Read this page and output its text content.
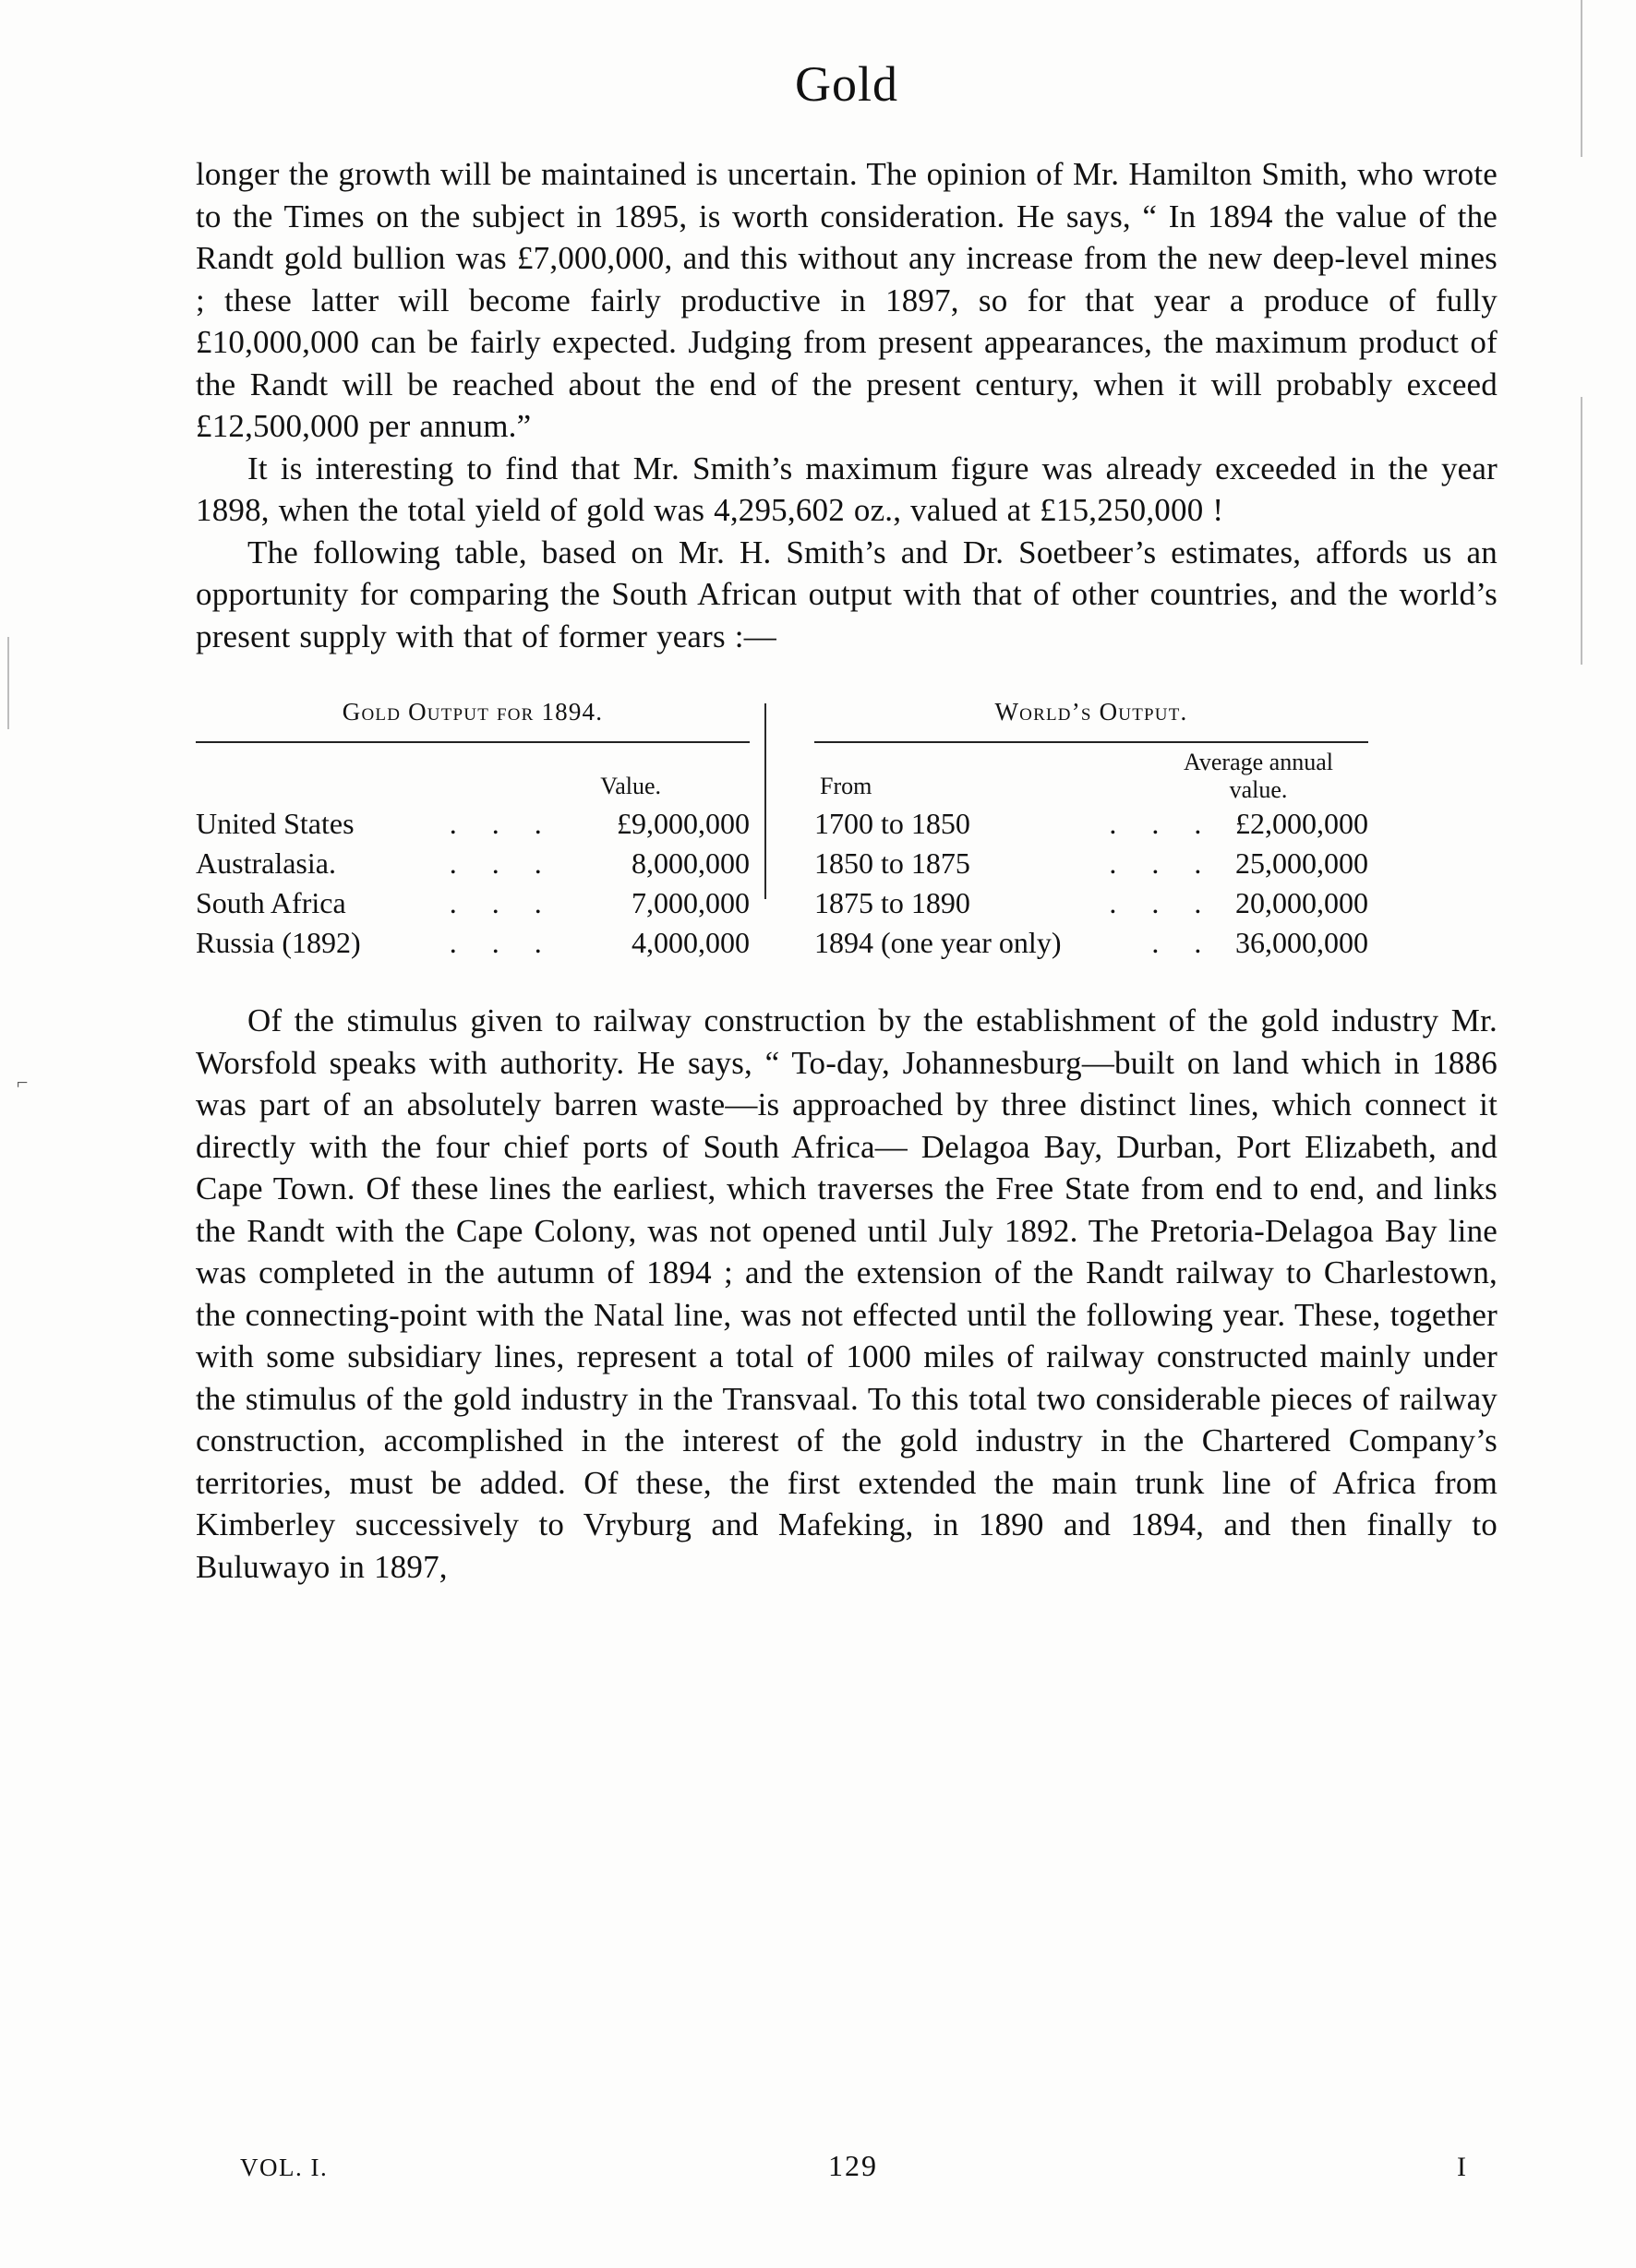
Gold

longer the growth will be maintained is uncertain. The opinion of Mr. Hamilton Smith, who wrote to the Times on the subject in 1895, is worth consideration. He says, “ In 1894 the value of the Randt gold bullion was £7,000,000, and this without any increase from the new deep-level mines ; these latter will become fairly productive in 1897, so for that year a produce of fully £10,000,000 can be fairly expected. Judging from present appearances, the maximum product of the Randt will be reached about the end of the present century, when it will probably exceed £12,500,000 per annum.”

It is interesting to find that Mr. Smith’s maximum figure was already exceeded in the year 1898, when the total yield of gold was 4,295,602 oz., valued at £15,250,000 !

The following table, based on Mr. H. Smith’s and Dr. Soetbeer’s estimates, affords us an opportunity for comparing the South African output with that of other countries, and the world’s present supply with that of former years :—

Gold Output for 1894.
Value.
United States	.	.	.	£9,000,000
Australasia.	.	.	.	8,000,000
South Africa	.	.	.	7,000,000
Russia (1892)	.	.	.	4,000,000
World’s Output.
From
Average annual
value.
1700 to 1850	.	.	.	£2,000,000
1850 to 1875	.	.	.	25,000,000
1875 to 1890	.	.	.	20,000,000
1894 (one year only)		.	.	36,000,000

Of the stimulus given to railway construction by the establishment of the gold industry Mr. Worsfold speaks with authority. He says, “ To-day, Johannesburg—built on land which in 1886 was part of an absolutely barren waste—is approached by three distinct lines, which connect it directly with the four chief ports of South Africa— Delagoa Bay, Durban, Port Elizabeth, and Cape Town. Of these lines the earliest, which traverses the Free State from end to end, and links the Randt with the Cape Colony, was not opened until July 1892. The Pretoria-Delagoa Bay line was completed in the autumn of 1894 ; and the extension of the Randt railway to Charlestown, the connecting-point with the Natal line, was not effected until the following year. These, together with some subsidiary lines, represent a total of 1000 miles of railway constructed mainly under the stimulus of the gold industry in the Transvaal. To this total two considerable pieces of railway construction, accomplished in the interest of the gold industry in the Chartered Company’s territories, must be added. Of these, the first extended the main trunk line of Africa from Kimberley successively to Vryburg and Mafeking, in 1890 and 1894, and then finally to Buluwayo in 1897,

VOL. I.	129	I
⌐
